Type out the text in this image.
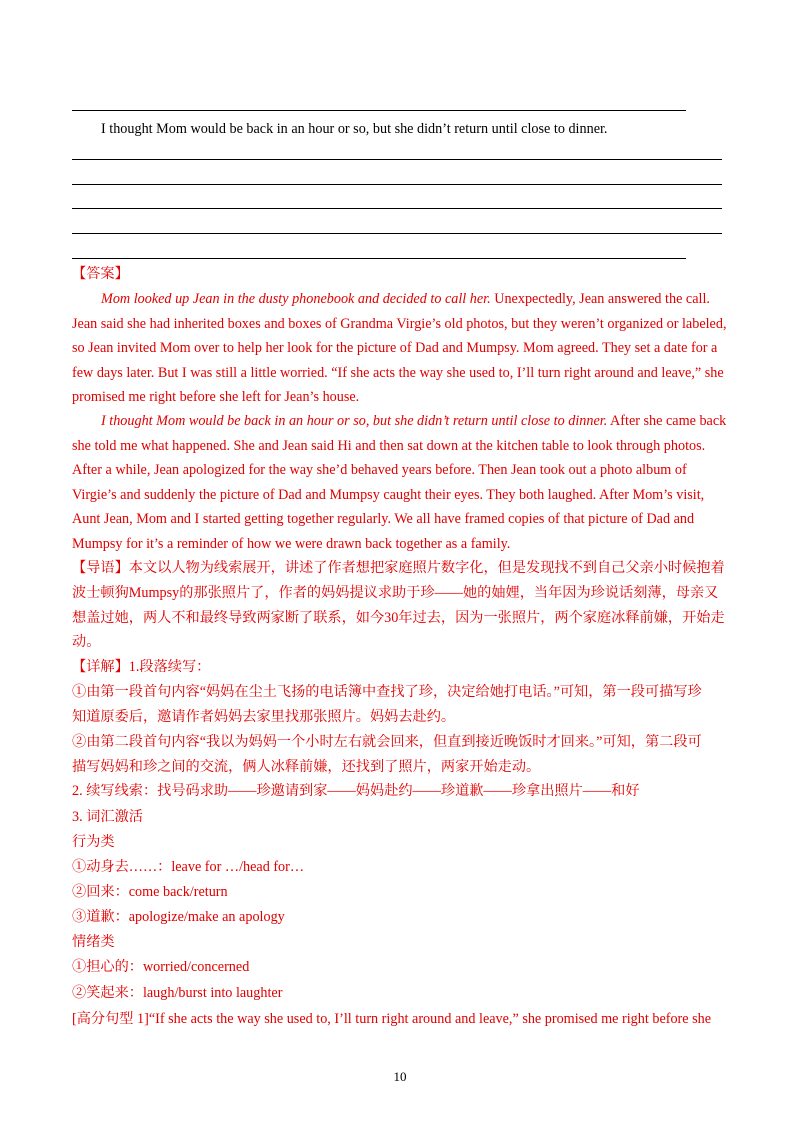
I thought Mom would be back in an hour or so, but she didn’t return until close to dinner.
【答案】
Mom looked up Jean in the dusty phonebook and decided to call her. Unexpectedly, Jean answered the call.
Jean said she had inherited boxes and boxes of Grandma Virgie’s old photos, but they weren’t organized or labeled,
so Jean invited Mom over to help her look for the picture of Dad and Mumpsy. Mom agreed. They set a date for a
few days later. But I was still a little worried. “If she acts the way she used to, I’ll turn right around and leave,” she
promised me right before she left for Jean’s house.
I thought Mom would be back in an hour or so, but she didn’t return until close to dinner. After she came back
she told me what happened. She and Jean said Hi and then sat down at the kitchen table to look through photos.
After a while, Jean apologized for the way she’d behaved years before. Then Jean took out a photo album of
Virgie’s and suddenly the picture of Dad and Mumpsy caught their eyes. They both laughed. After Mom’s visit,
Aunt Jean, Mom and I started getting together regularly. We all have framed copies of that picture of Dad and
Mumpsy for it’s a reminder of how we were drawn back together as a family.
【导语】本文以人物为线索展开，讲述了作者想把家庭照片数字化，但是发现找不到自己父亲小时候抱着
波士顿狗Mumpsy的那张照片了，作者的妈妈提议求助于珍——她的妯娌，当年因为珍说话刻薄，母亲又
想盖过她，两人不和最终导致两家断了联系，如今30年过去，因为一张照片，两个家庭冰释前嫌，开始走
动。
【详解】1.段落续写：
①由第一段首句内容“妈妈在尘土飞扬的电话簿中查找了珍，决定给她打电话。”可知，第一段可描写珍
知道原委后，邀请作者妈妈去家里找那张照片。妈妈去赴约。
②由第二段首句内容“我以为妈妈一个小时左右就会回来，但直到接近晚饭时才回来。”可知，第二段可
描写妈妈和珍之间的交流，俩人冰释前嫌，还找到了照片，两家开始走动。
2. 续写线索：找号码求助——珍邀请到家——妈妈赴约——珍道歉——珍拿出照片——和好
3. 词汇激活
行为类
①动身去……：leave for …/head for…
②回来：come back/return
③道歉：apologize/make an apology
情绪类
①担心的：worried/concerned
②笑起来：laugh/burst into laughter
[高分句型 1]“If she acts the way she used to, I’ll turn right around and leave,” she promised me right before she
10
